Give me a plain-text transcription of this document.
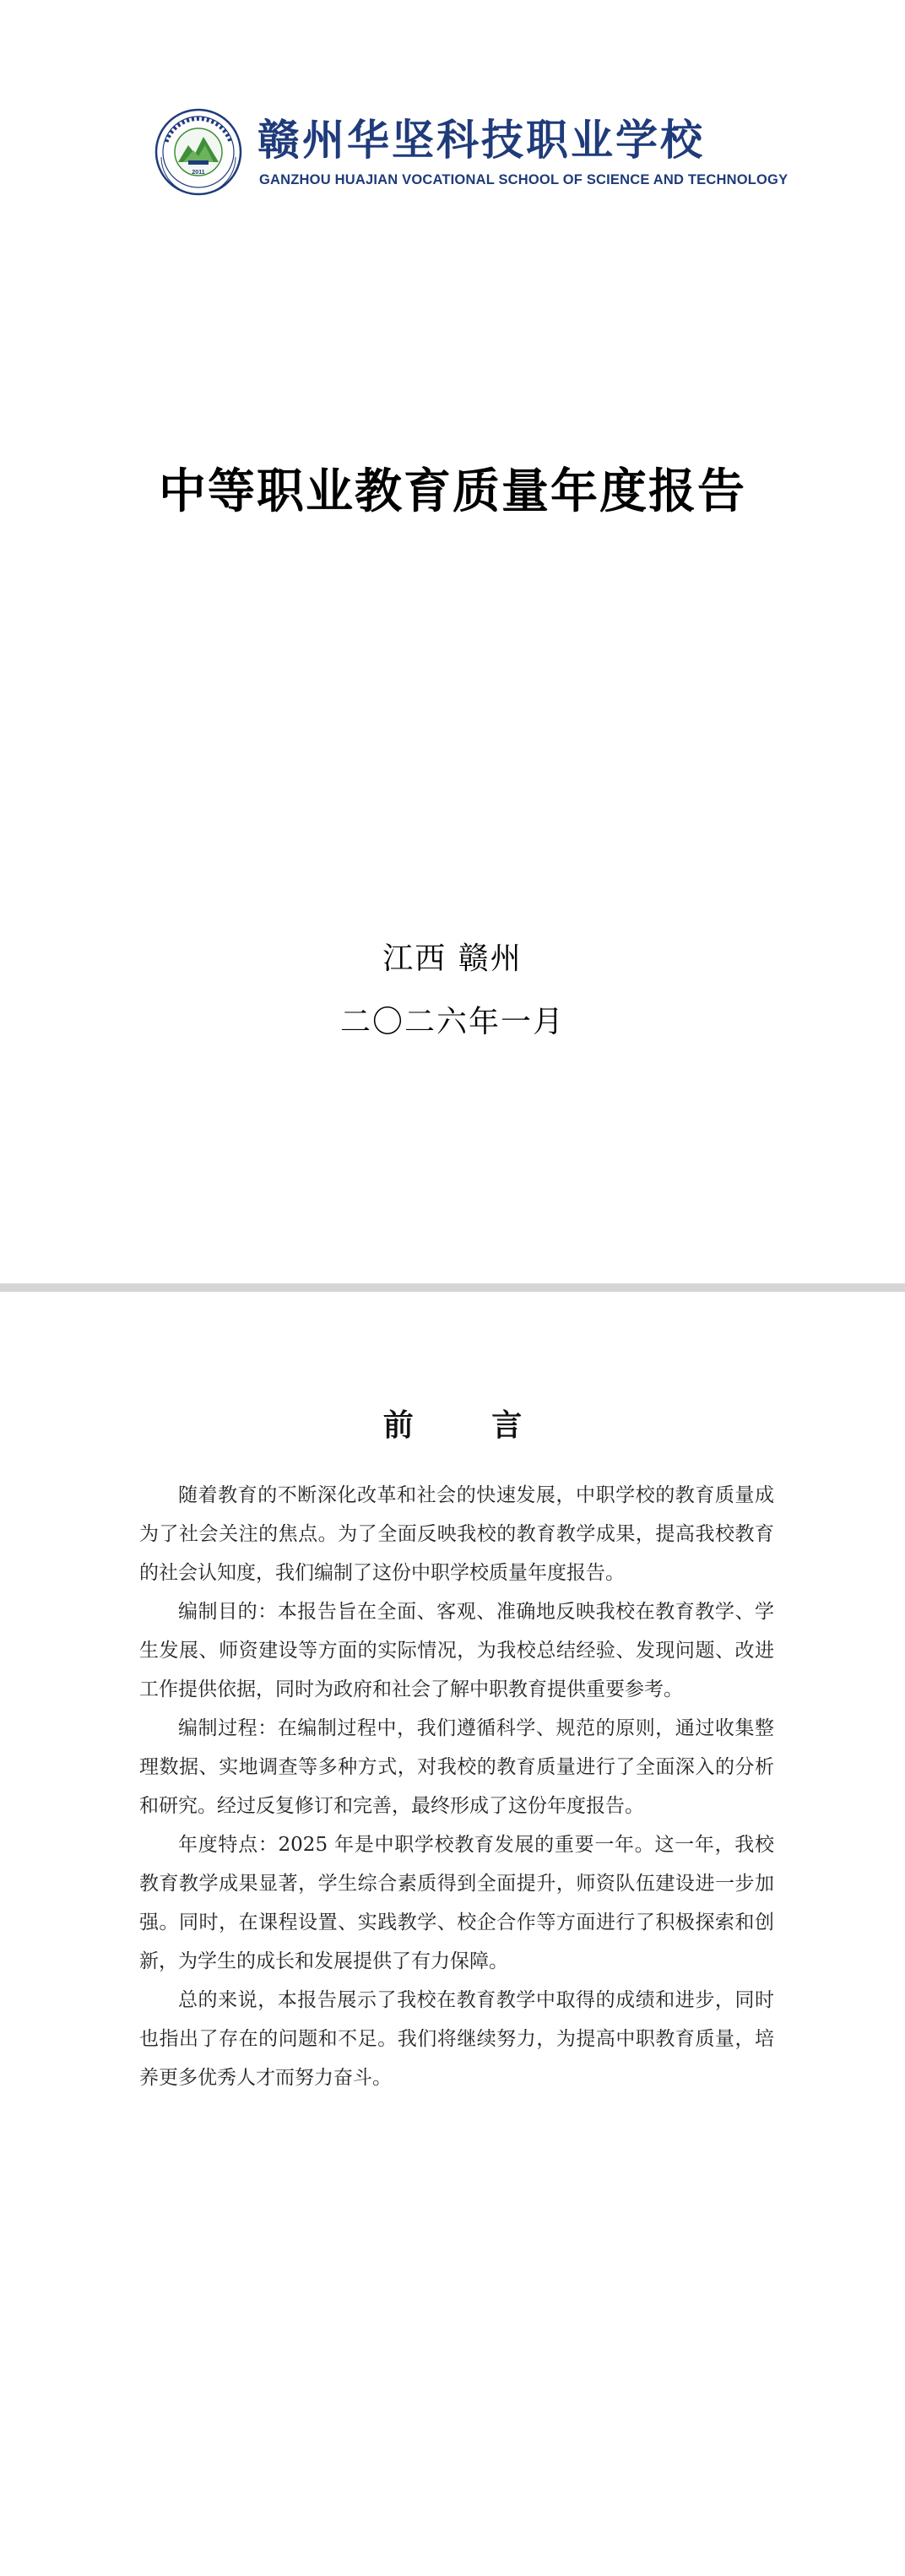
2011
赣州华坚科技职业学校
GANZHOU HUAJIAN VOCATIONAL SCHOOL OF SCIENCE AND TECHNOLOGY
中等职业教育质量年度报告
江西 赣州
二〇二六年一月
前 言

随着教育的不断深化改革和社会的快速发展，中职学校的教育质量成为了社会关注的焦点。为了全面反映我校的教育教学成果，提高我校教育的社会认知度，我们编制了这份中职学校质量年度报告。

编制目的：本报告旨在全面、客观、准确地反映我校在教育教学、学生发展、师资建设等方面的实际情况，为我校总结经验、发现问题、改进工作提供依据，同时为政府和社会了解中职教育提供重要参考。

编制过程：在编制过程中，我们遵循科学、规范的原则，通过收集整理数据、实地调查等多种方式，对我校的教育质量进行了全面深入的分析和研究。经过反复修订和完善，最终形成了这份年度报告。

年度特点：2025 年是中职学校教育发展的重要一年。这一年，我校教育教学成果显著，学生综合素质得到全面提升，师资队伍建设进一步加强。同时，在课程设置、实践教学、校企合作等方面进行了积极探索和创新，为学生的成长和发展提供了有力保障。

总的来说，本报告展示了我校在教育教学中取得的成绩和进步，同时也指出了存在的问题和不足。我们将继续努力，为提高中职教育质量，培养更多优秀人才而努力奋斗。
